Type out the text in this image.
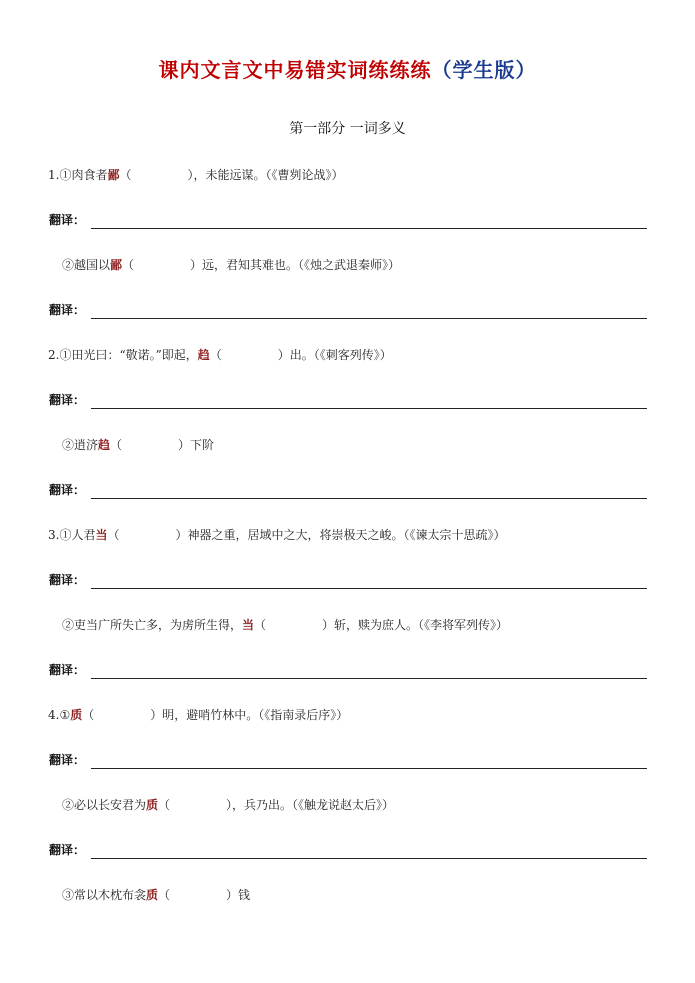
课内文言文中易错实词练练练（学生版）
第一部分 一词多义
1.①肉食者鄙（	），未能远谋。（《曹刿论战》）
翻译：
②越国以鄙（	）远，君知其难也。（《烛之武退秦师》）
翻译：
2.①田光曰：“敬诺。”即起，趋（	）出。（《刺客列传》）
翻译：
②逍济趋（	）下阶
翻译：
3.①人君当（	）神器之重，居域中之大，将崇极天之峻。（《谏太宗十思疏》）
翻译：
②吏当广所失亡多，为虏所生得，当（	）斩，赎为庶人。（《李将军列传》）
翻译：
4.①质（	）明，避哨竹林中。（《指南录后序》）
翻译：
②必以长安君为质（	），兵乃出。（《触龙说赵太后》）
翻译：
③常以木枕布衾质（	）钱
